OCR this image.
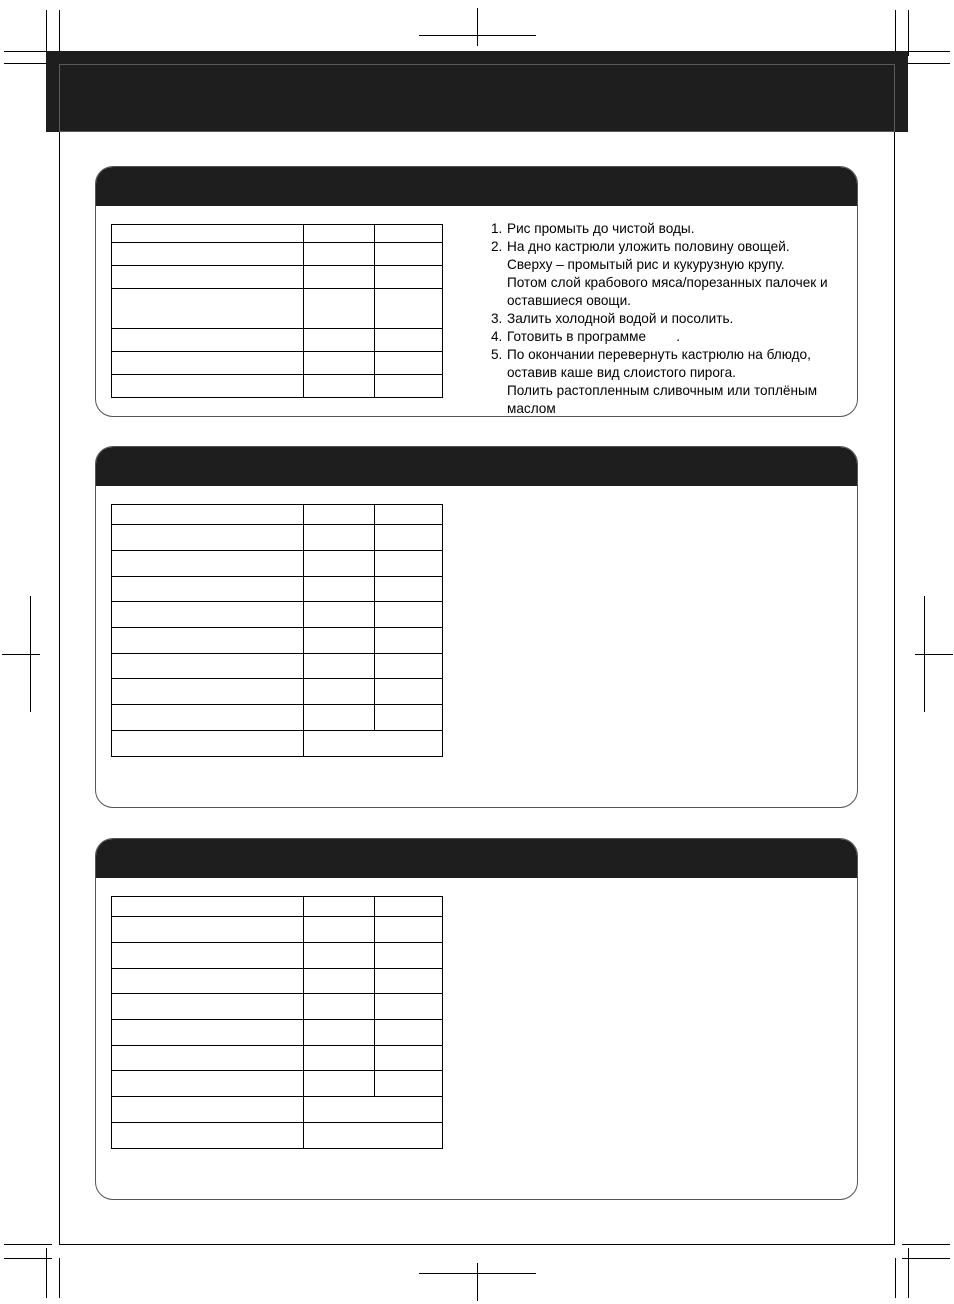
1. Рис промыть до чистой воды.
2. На дно кастрюли уложить половину овощей.
Сверху – промытый рис и кукурузную крупу.
Потом слой крабового мяса/порезанных палочек и
оставшиеся овощи.
3. Залить холодной водой и посолить.
4. Готовить в программе        .
5. По окончании перевернуть кастрюлю на блюдо,
оставив каше вид слоистого пирога.
Полить растопленным сливочным или топлёным
маслом
